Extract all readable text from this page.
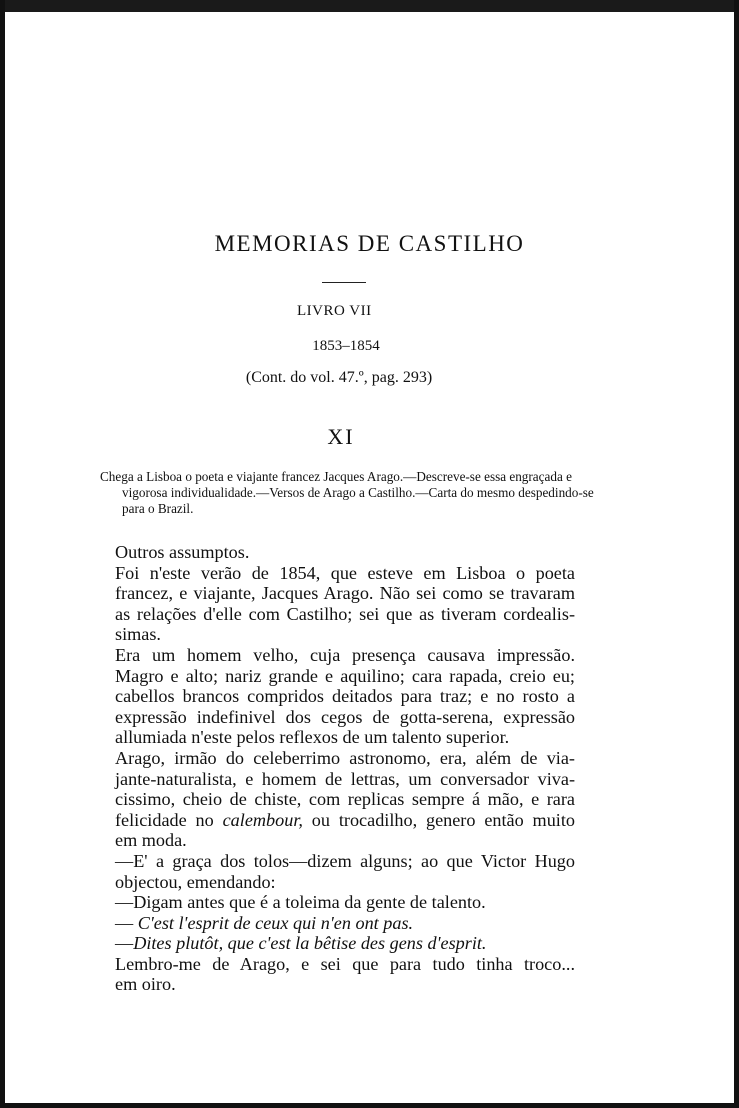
MEMORIAS DE CASTILHO
LIVRO VII
1853–1854
(Cont. do vol. 47.º, pag. 293)
XI

Chega a Lisboa o poeta e viajante francez Jacques Arago.—Descreve-se essa engraçada e vigorosa individualidade.—Versos de Arago a Castilho.—Carta do mesmo despedindo-se para o Brazil.

Outros assumptos.
Foi n'este verão de 1854, que esteve em Lisboa o poeta
francez, e viajante, Jacques Arago. Não sei como se travaram
as relações d'elle com Castilho; sei que as tiveram cordealis-
simas.
Era um homem velho, cuja presença causava impressão.
Magro e alto; nariz grande e aquilino; cara rapada, creio eu;
cabellos brancos compridos deitados para traz; e no rosto a
expressão indefinivel dos cegos de gotta-serena, expressão
allumiada n'este pelos reflexos de um talento superior.
Arago, irmão do celeberrimo astronomo, era, além de via-
jante-naturalista, e homem de lettras, um conversador viva-
cissimo, cheio de chiste, com replicas sempre á mão, e rara
felicidade no calembour, ou trocadilho, genero então muito
em moda.
—E' a graça dos tolos—dizem alguns; ao que Victor Hugo
objectou, emendando:
—Digam antes que é a toleima da gente de talento.
— C'est l'esprit de ceux qui n'en ont pas.
—Dites plutôt, que c'est la bêtise des gens d'esprit.
Lembro-me de Arago, e sei que para tudo tinha troco...
em oiro.
